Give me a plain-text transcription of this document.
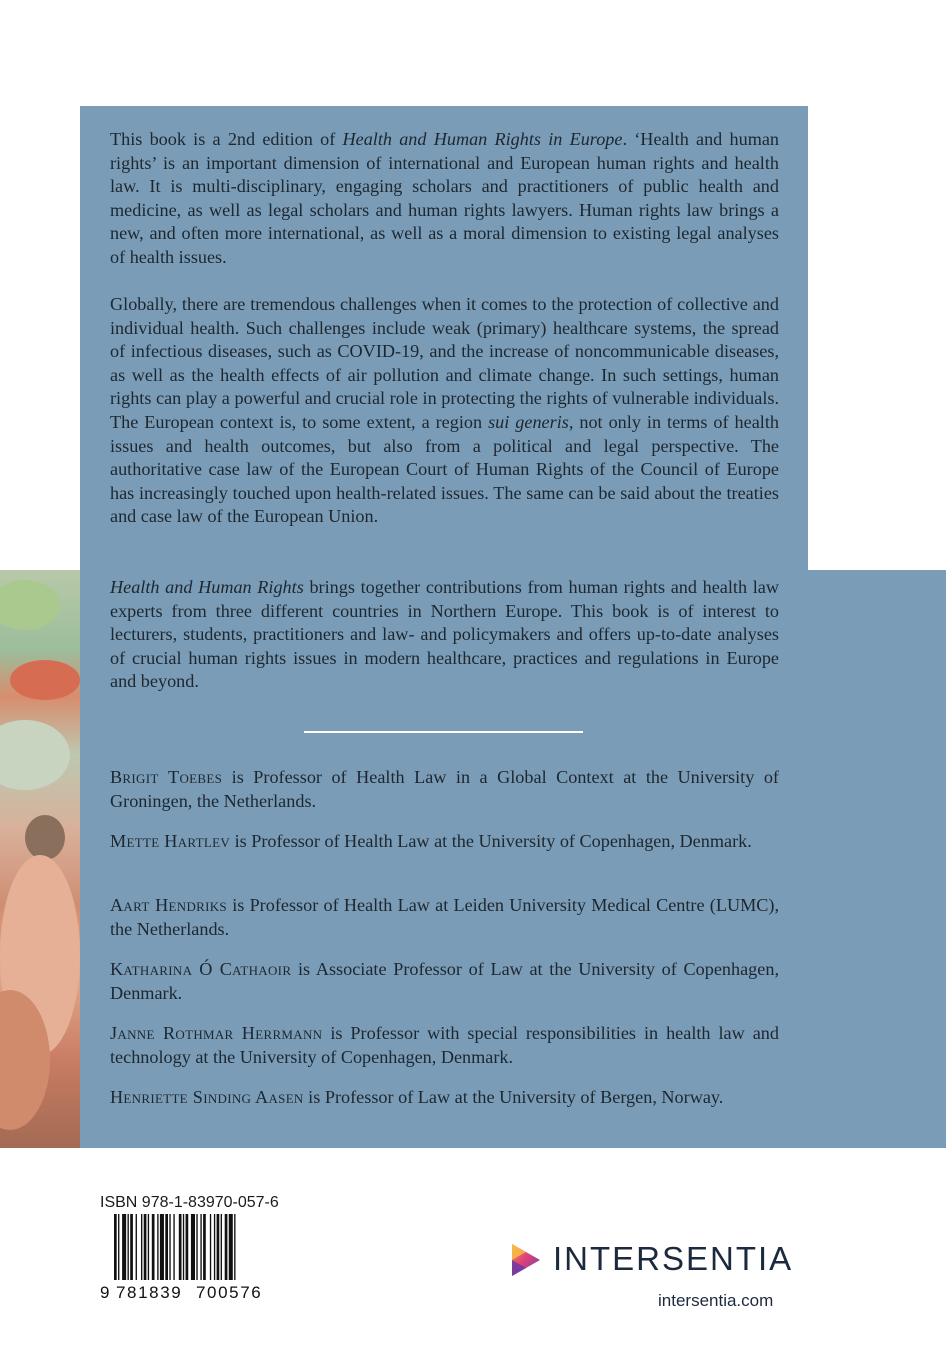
This book is a 2nd edition of Health and Human Rights in Europe. ‘Health and human rights’ is an important dimension of international and European human rights and health law. It is multi-disciplinary, engaging scholars and practitioners of public health and medicine, as well as legal scholars and human rights lawyers. Human rights law brings a new, and often more international, as well as a moral dimension to existing legal analyses of health issues.

Globally, there are tremendous challenges when it comes to the protection of collective and individual health. Such challenges include weak (primary) healthcare systems, the spread of infectious diseases, such as COVID-19, and the increase of noncommunicable diseases, as well as the health effects of air pollution and climate change. In such settings, human rights can play a powerful and crucial role in protecting the rights of vulnerable individuals. The European context is, to some extent, a region sui generis, not only in terms of health issues and health outcomes, but also from a political and legal perspective. The authoritative case law of the European Court of Human Rights of the Council of Europe has increasingly touched upon health-related issues. The same can be said about the treaties and case law of the European Union.

Health and Human Rights brings together contributions from human rights and health law experts from three different countries in Northern Europe. This book is of interest to lecturers, students, practitioners and law- and policymakers and offers up-to-date analyses of crucial human rights issues in modern healthcare, practices and regulations in Europe and beyond.

Brigit Toebes is Professor of Health Law in a Global Context at the University of Groningen, the Netherlands.

Mette Hartlev is Professor of Health Law at the University of Copenhagen, Denmark.

Aart Hendriks is Professor of Health Law at Leiden University Medical Centre (LUMC), the Netherlands.

Katharina Ó Cathaoir is Associate Professor of Law at the University of Copenhagen, Denmark.

Janne Rothmar Herrmann is Professor with special responsibilities in health law and technology at the University of Copenhagen, Denmark.

Henriette Sinding Aasen is Professor of Law at the University of Bergen, Norway.

ISBN 978-1-83970-057-6
9 781839 700576
INTERSENTIA
intersentia.com
